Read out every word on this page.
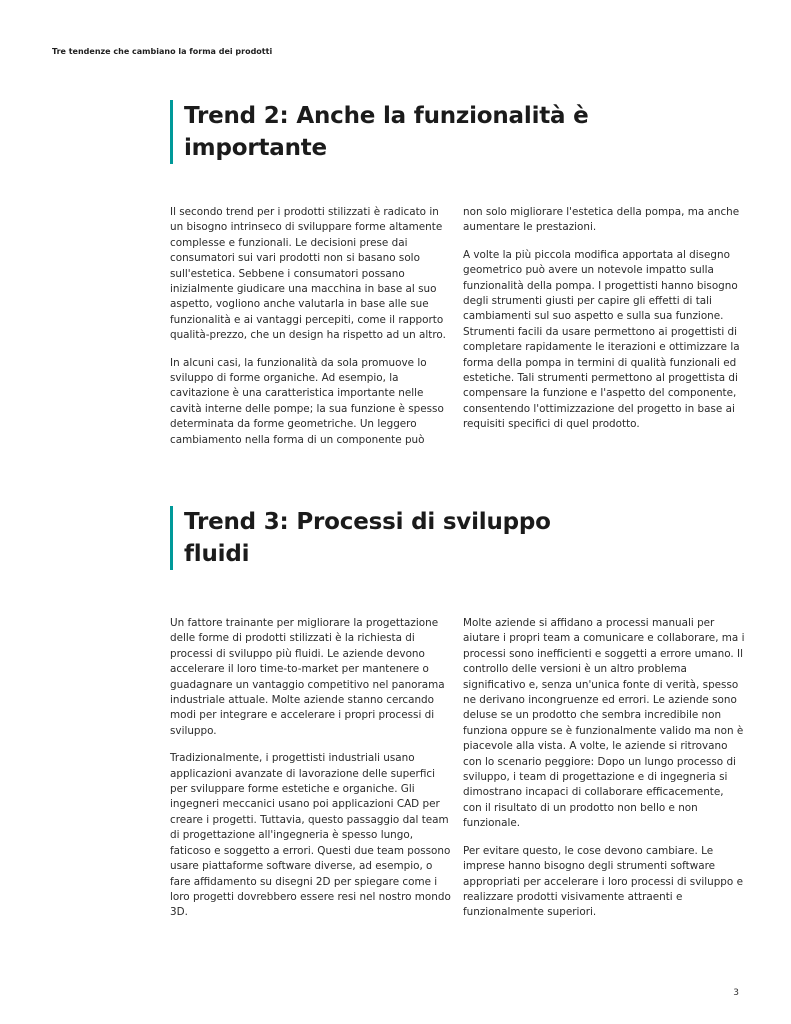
Tre tendenze che cambiano la forma dei prodotti
Trend 2: Anche la funzionalità è importante

Il secondo trend per i prodotti stilizzati è radicato in un bisogno intrinseco di sviluppare forme altamente complesse e funzionali. Le decisioni prese dai consumatori sui vari prodotti non si basano solo sull'estetica. Sebbene i consumatori possano inizialmente giudicare una macchina in base al suo aspetto, vogliono anche valutarla in base alle sue funzionalità e ai vantaggi percepiti, come il rapporto qualità-prezzo, che un design ha rispetto ad un altro.

In alcuni casi, la funzionalità da sola promuove lo sviluppo di forme organiche. Ad esempio, la cavitazione è una caratteristica importante nelle cavità interne delle pompe; la sua funzione è spesso determinata da forme geometriche. Un leggero cambiamento nella forma di un componente può

non solo migliorare l'estetica della pompa, ma anche aumentare le prestazioni.

A volte la più piccola modifica apportata al disegno geometrico può avere un notevole impatto sulla funzionalità della pompa. I progettisti hanno bisogno degli strumenti giusti per capire gli effetti di tali cambiamenti sul suo aspetto e sulla sua funzione. Strumenti facili da usare permettono ai progettisti di completare rapidamente le iterazioni e ottimizzare la forma della pompa in termini di qualità funzionali ed estetiche. Tali strumenti permettono al progettista di compensare la funzione e l'aspetto del componente, consentendo l'ottimizzazione del progetto in base ai requisiti specifici di quel prodotto.

Trend 3: Processi di sviluppo fluidi

Un fattore trainante per migliorare la progettazione delle forme di prodotti stilizzati è la richiesta di processi di sviluppo più fluidi. Le aziende devono accelerare il loro time-to-market per mantenere o guadagnare un vantaggio competitivo nel panorama industriale attuale. Molte aziende stanno cercando modi per integrare e accelerare i propri processi di sviluppo.

Tradizionalmente, i progettisti industriali usano applicazioni avanzate di lavorazione delle superfici per sviluppare forme estetiche e organiche. Gli ingegneri meccanici usano poi applicazioni CAD per creare i progetti. Tuttavia, questo passaggio dal team di progettazione all'ingegneria è spesso lungo, faticoso e soggetto a errori. Questi due team possono usare piattaforme software diverse, ad esempio, o fare affidamento su disegni 2D per spiegare come i loro progetti dovrebbero essere resi nel nostro mondo 3D.

Molte aziende si affidano a processi manuali per aiutare i propri team a comunicare e collaborare, ma i processi sono inefficienti e soggetti a errore umano. Il controllo delle versioni è un altro problema significativo e, senza un'unica fonte di verità, spesso ne derivano incongruenze ed errori. Le aziende sono deluse se un prodotto che sembra incredibile non funziona oppure se è funzionalmente valido ma non è piacevole alla vista. A volte, le aziende si ritrovano con lo scenario peggiore: Dopo un lungo processo di sviluppo, i team di progettazione e di ingegneria si dimostrano incapaci di collaborare efficacemente, con il risultato di un prodotto non bello e non funzionale.

Per evitare questo, le cose devono cambiare. Le imprese hanno bisogno degli strumenti software appropriati per accelerare i loro processi di sviluppo e realizzare prodotti visivamente attraenti e funzionalmente superiori.

3
